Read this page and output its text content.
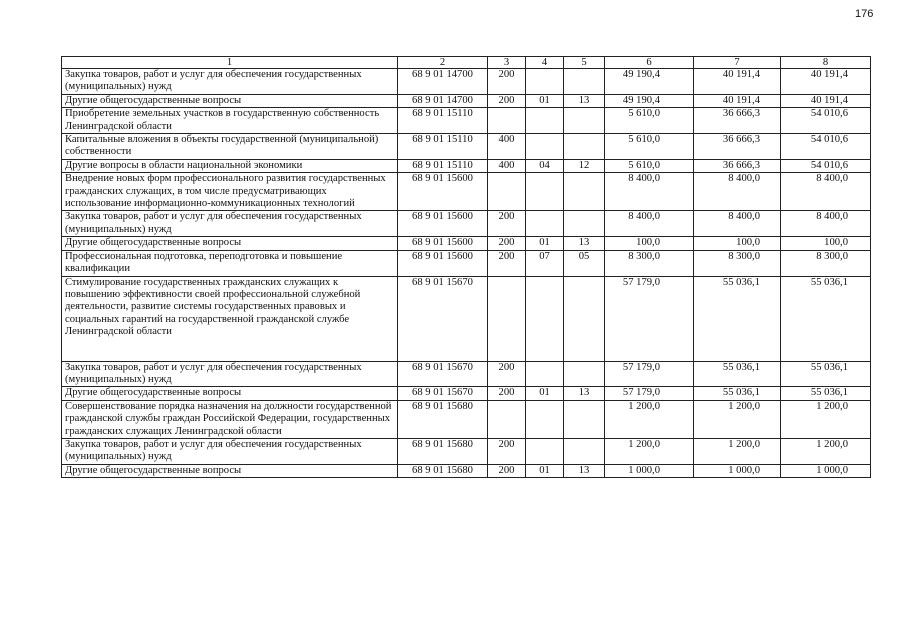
176
1	2	3	4	5	6	7	8
Закупка товаров, работ и услуг для обеспечения государственных (муниципальных) нужд	68 9 01 14700	200			49 190,4	40 191,4	40 191,4
Другие общегосударственные вопросы	68 9 01 14700	200	01	13	49 190,4	40 191,4	40 191,4
Приобретение земельных участков в государственную собственность Ленинградской области	68 9 01 15110				5 610,0	36 666,3	54 010,6
Капитальные вложения в объекты государственной (муниципальной) собственности	68 9 01 15110	400			5 610,0	36 666,3	54 010,6
Другие вопросы в области национальной экономики	68 9 01 15110	400	04	12	5 610,0	36 666,3	54 010,6
Внедрение новых форм профессионального развития государственных гражданских служащих, в том числе предусматривающих использование информационно-коммуникационных технологий	68 9 01 15600				8 400,0	8 400,0	8 400,0
Закупка товаров, работ и услуг для обеспечения государственных (муниципальных) нужд	68 9 01 15600	200			8 400,0	8 400,0	8 400,0
Другие общегосударственные вопросы	68 9 01 15600	200	01	13	100,0	100,0	100,0
Профессиональная подготовка, переподготовка и повышение квалификации	68 9 01 15600	200	07	05	8 300,0	8 300,0	8 300,0
Стимулирование государственных гражданских служащих к повышению эффективности своей профессиональной служебной деятельности, развитие системы государственных правовых и социальных гарантий на государственной гражданской службе Ленинградской области	68 9 01 15670				57 179,0	55 036,1	55 036,1
Закупка товаров, работ и услуг для обеспечения государственных (муниципальных) нужд	68 9 01 15670	200			57 179,0	55 036,1	55 036,1
Другие общегосударственные вопросы	68 9 01 15670	200	01	13	57 179,0	55 036,1	55 036,1
Совершенствование порядка назначения на должности государственной гражданской службы граждан Российской Федерации, государственных гражданских служащих Ленинградской области	68 9 01 15680				1 200,0	1 200,0	1 200,0
Закупка товаров, работ и услуг для обеспечения государственных (муниципальных) нужд	68 9 01 15680	200			1 200,0	1 200,0	1 200,0
Другие общегосударственные вопросы	68 9 01 15680	200	01	13	1 000,0	1 000,0	1 000,0
